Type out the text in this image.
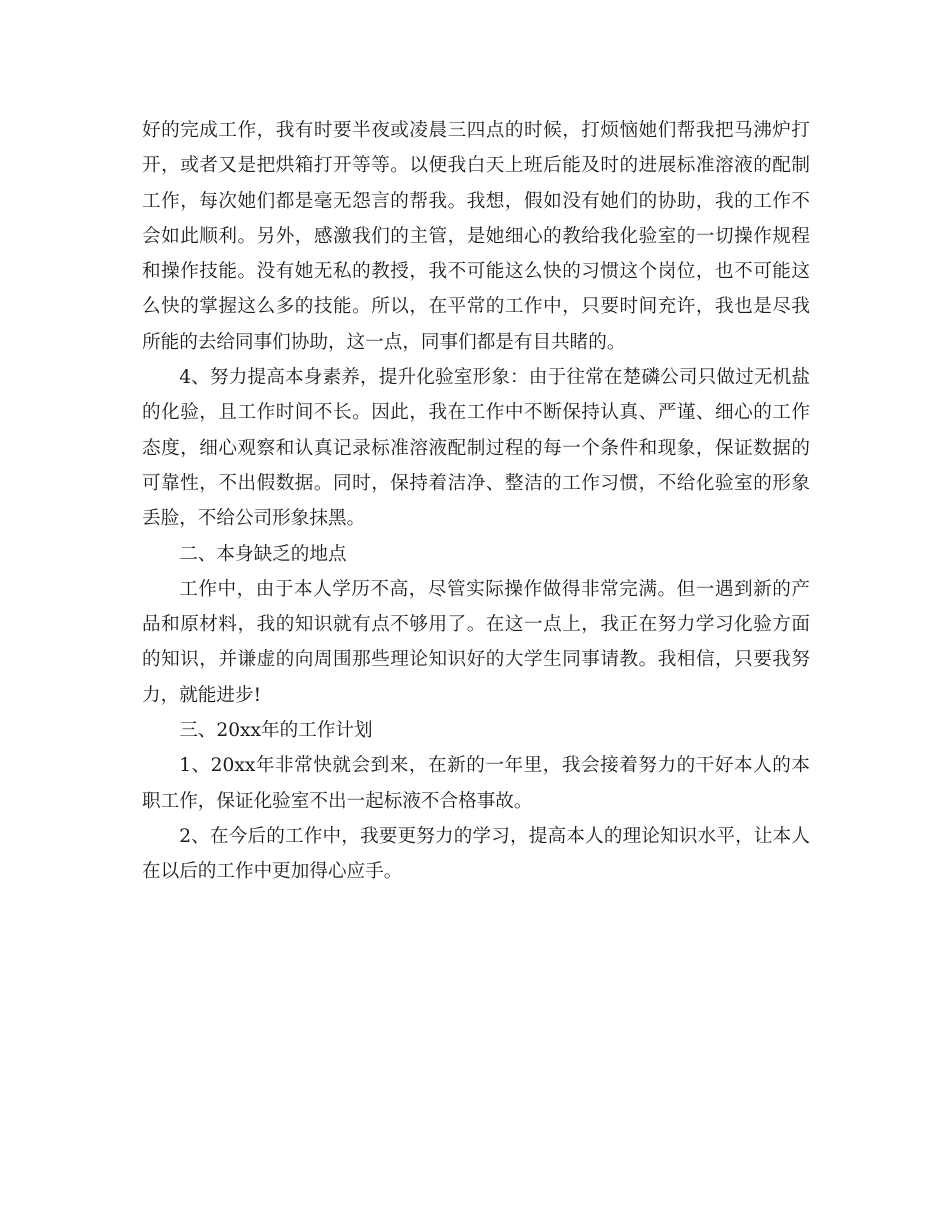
好的完成工作，我有时要半夜或凌晨三四点的时候，打烦恼她们帮我把马沸炉打开，或者又是把烘箱打开等等。以便我白天上班后能及时的进展标准溶液的配制工作，每次她们都是毫无怨言的帮我。我想，假如没有她们的协助，我的工作不会如此顺利。另外，感激我们的主管，是她细心的教给我化验室的一切操作规程和操作技能。没有她无私的教授，我不可能这么快的习惯这个岗位，也不可能这么快的掌握这么多的技能。所以，在平常的工作中，只要时间充许，我也是尽我所能的去给同事们协助，这一点，同事们都是有目共睹的。

4、努力提高本身素养，提升化验室形象：由于往常在楚磷公司只做过无机盐的化验，且工作时间不长。因此，我在工作中不断保持认真、严谨、细心的工作态度，细心观察和认真记录标准溶液配制过程的每一个条件和现象，保证数据的可靠性，不出假数据。同时，保持着洁净、整洁的工作习惯，不给化验室的形象丢脸，不给公司形象抹黑。

二、本身缺乏的地点

工作中，由于本人学历不高，尽管实际操作做得非常完满。但一遇到新的产品和原材料，我的知识就有点不够用了。在这一点上，我正在努力学习化验方面的知识，并谦虚的向周围那些理论知识好的大学生同事请教。我相信，只要我努力，就能进步!

三、20xx年的工作计划

1、20xx年非常快就会到来，在新的一年里，我会接着努力的干好本人的本职工作，保证化验室不出一起标液不合格事故。

2、在今后的工作中，我要更努力的学习，提高本人的理论知识水平，让本人在以后的工作中更加得心应手。
